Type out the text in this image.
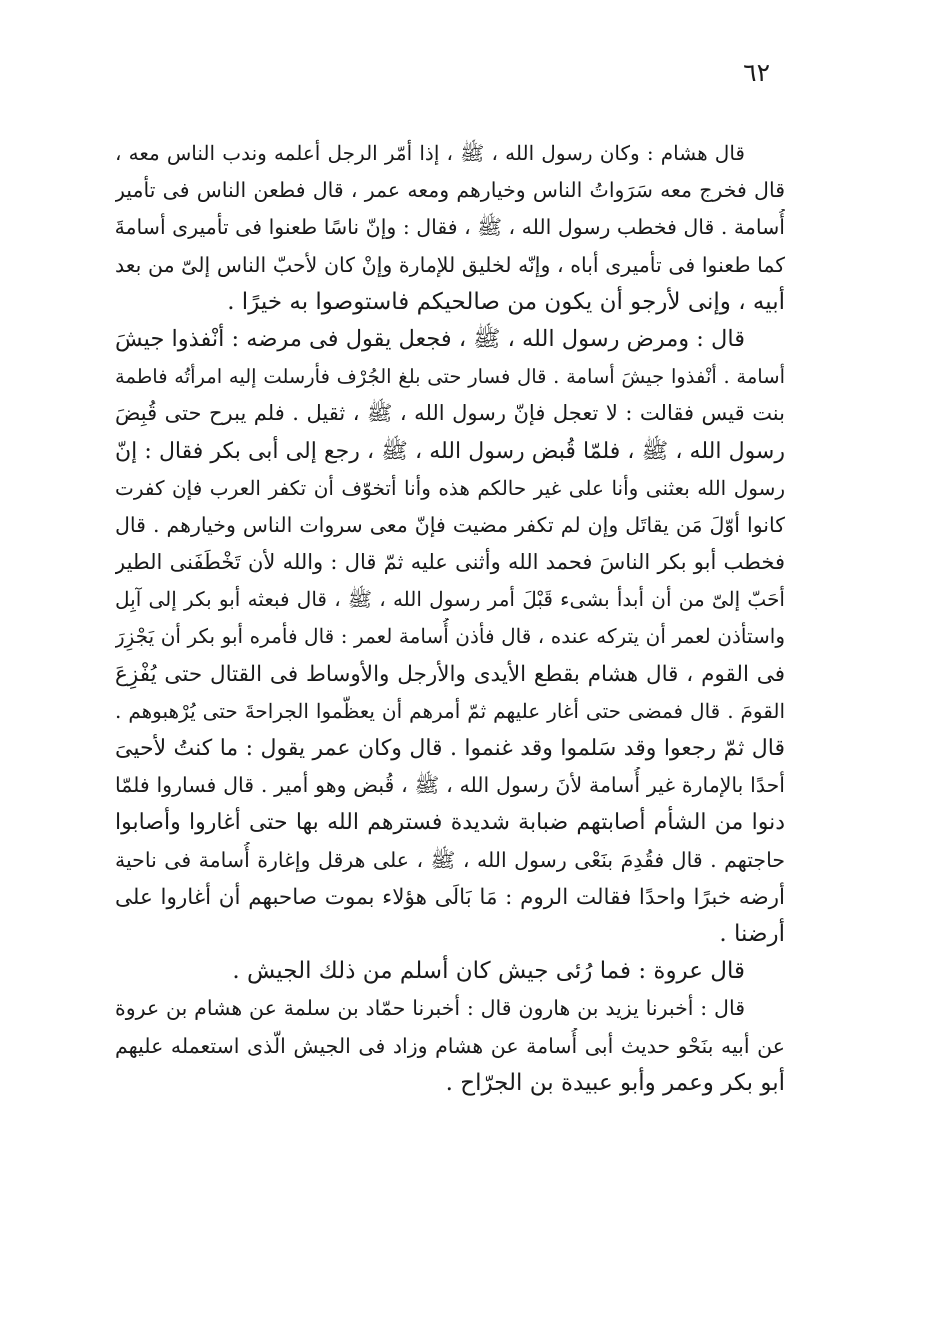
٦٢
قال هشام : وكان رسول الله ، ﷺ ، إذا أمّر الرجل أعلمه وندب الناس معه ،
قال فخرج معه سَرَواتُ الناس وخيارهم ومعه عمر ، قال فطعن الناس فى تأمير
أُسامة . قال فخطب رسول الله ، ﷺ ، فقال : وإنّ ناسًا طعنوا فى تأميرى أسامةَ
كما طعنوا فى تأميرى أباه ، وإنّه لخليق للإمارة وإنْ كان لأحبّ الناس إلىّ من بعد
أبيه ، وإنى لأرجو أن يكون من صالحيكم فاستوصوا به خيرًا .
قال : ومرض رسول الله ، ﷺ ، فجعل يقول فى مرضه : أنْفذوا جيشَ
أسامة . أنْفذوا جيشَ أسامة . قال فسار حتى بلغ الجُرْف فأرسلت إليه امرأتُه فاطمة
بنت قيس فقالت : لا تعجل فإنّ رسول الله ، ﷺ ، ثقيل . فلم يبرح حتى قُبِضَ
رسول الله ، ﷺ ، فلمّا قُبض رسول الله ، ﷺ ، رجع إلى أبى بكر فقال : إنّ
رسول الله بعثنى وأنا على غير حالكم هذه وأنا أتخوّف أن تكفر العرب فإن كفرت
كانوا أوّلَ مَن يقاتَل وإن لم تكفر مضيت فإنّ معى سروات الناس وخيارهم . قال
فخطب أبو بكر الناسَ فحمد الله وأثنى عليه ثمّ قال : والله لأن تَخْطَفَنى الطير
أحَبّ إلىّ من أن أبدأ بشىء قَبْلَ أمر رسول الله ، ﷺ ، قال فبعثه أبو بكر إلى آبِل
واستأذن لعمر أن يتركه عنده ، قال فأذن أُسامة لعمر : قال فأمره أبو بكر أن يَجْزِرَ
فى القوم ، قال هشام بقطع الأيدى والأرجل والأوساط فى القتال حتى يُفْزِعَ
القومَ . قال فمضى حتى أغار عليهم ثمّ أمرهم أن يعظّموا الجراحةَ حتى يُرْهبوهم .
قال ثمّ رجعوا وقد سَلموا وقد غنموا . قال وكان عمر يقول : ما كنتُ لأحيىَ
أحدًا بالإمارة غير أُسامة لأنَ رسول الله ، ﷺ ، قُبض وهو أمير . قال فساروا فلمّا
دنوا من الشأم أصابتهم ضبابة شديدة فسترهم الله بها حتى أغاروا وأصابوا
حاجتهم . قال فقُدِمَ بنَعْى رسول الله ، ﷺ ، على هرقل وإغارة أُسامة فى ناحية
أرضه خبرًا واحدًا فقالت الروم : مَا بَالَى هؤلاء بموت صاحبهم أن أغاروا على
أرضنا .
قال عروة : فما رُئى جيش كان أسلم من ذلك الجيش .
قال : أخبرنا يزيد بن هارون قال : أخبرنا حمّاد بن سلمة عن هشام بن عروة
عن أبيه بنَحْو حديث أبى أُسامة عن هشام وزاد فى الجيش الّذى استعمله عليهم
أبو بكر وعمر وأبو عبيدة بن الجرّاح .
